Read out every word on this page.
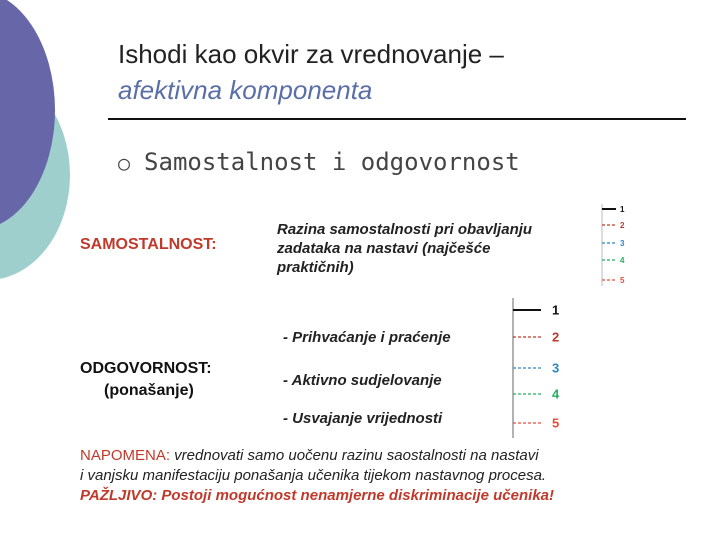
Ishodi kao okvir za vrednovanje –
afektivna komponenta
○ Samostalnost i odgovornost
SAMOSTALNOST:
Razina samostalnosti pri obavljanju zadataka na nastavi (najčešće praktičnih)
1
2
3
4
5
ODGOVORNOST:
(ponašanje)
- Prihvaćanje i praćenje
- Aktivno sudjelovanje
- Usvajanje vrijednosti
1
2
3
4
5
NAPOMENA: vrednovati samo uočenu razinu saostalnosti na nastavi
i vanjsku manifestaciju ponašanja učenika tijekom nastavnog procesa.
PAŽLJIVO: Postoji mogućnost nenamjerne diskriminacije učenika!
